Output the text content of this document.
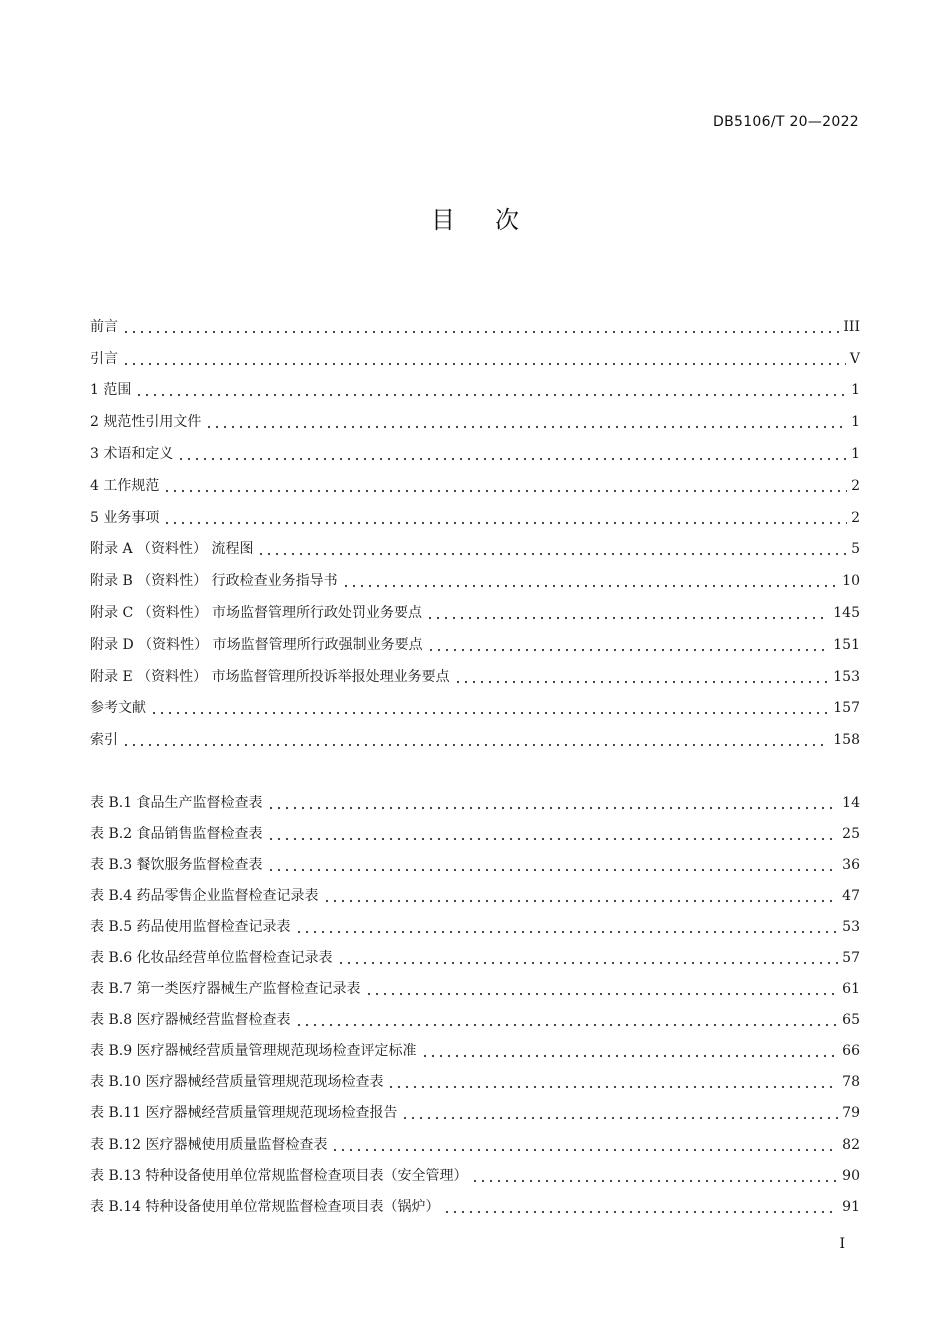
DB5106/T 20—2022
目次
前言	III
引言	V
1 范围	1
2 规范性引用文件	1
3 术语和定义	1
4 工作规范	2
5 业务事项	2
附录 A （资料性） 流程图	5
附录 B （资料性） 行政检查业务指导书	10
附录 C （资料性） 市场监督管理所行政处罚业务要点	145
附录 D （资料性） 市场监督管理所行政强制业务要点	151
附录 E （资料性） 市场监督管理所投诉举报处理业务要点	153
参考文献	157
索引	158
表 B.1 食品生产监督检查表	14
表 B.2 食品销售监督检查表	25
表 B.3 餐饮服务监督检查表	36
表 B.4 药品零售企业监督检查记录表	47
表 B.5 药品使用监督检查记录表	53
表 B.6 化妆品经营单位监督检查记录表	57
表 B.7 第一类医疗器械生产监督检查记录表	61
表 B.8 医疗器械经营监督检查表	65
表 B.9 医疗器械经营质量管理规范现场检查评定标准	66
表 B.10 医疗器械经营质量管理规范现场检查表	78
表 B.11 医疗器械经营质量管理规范现场检查报告	79
表 B.12 医疗器械使用质量监督检查表	82
表 B.13 特种设备使用单位常规监督检查项目表（安全管理）	90
表 B.14 特种设备使用单位常规监督检查项目表（锅炉）	91
I
